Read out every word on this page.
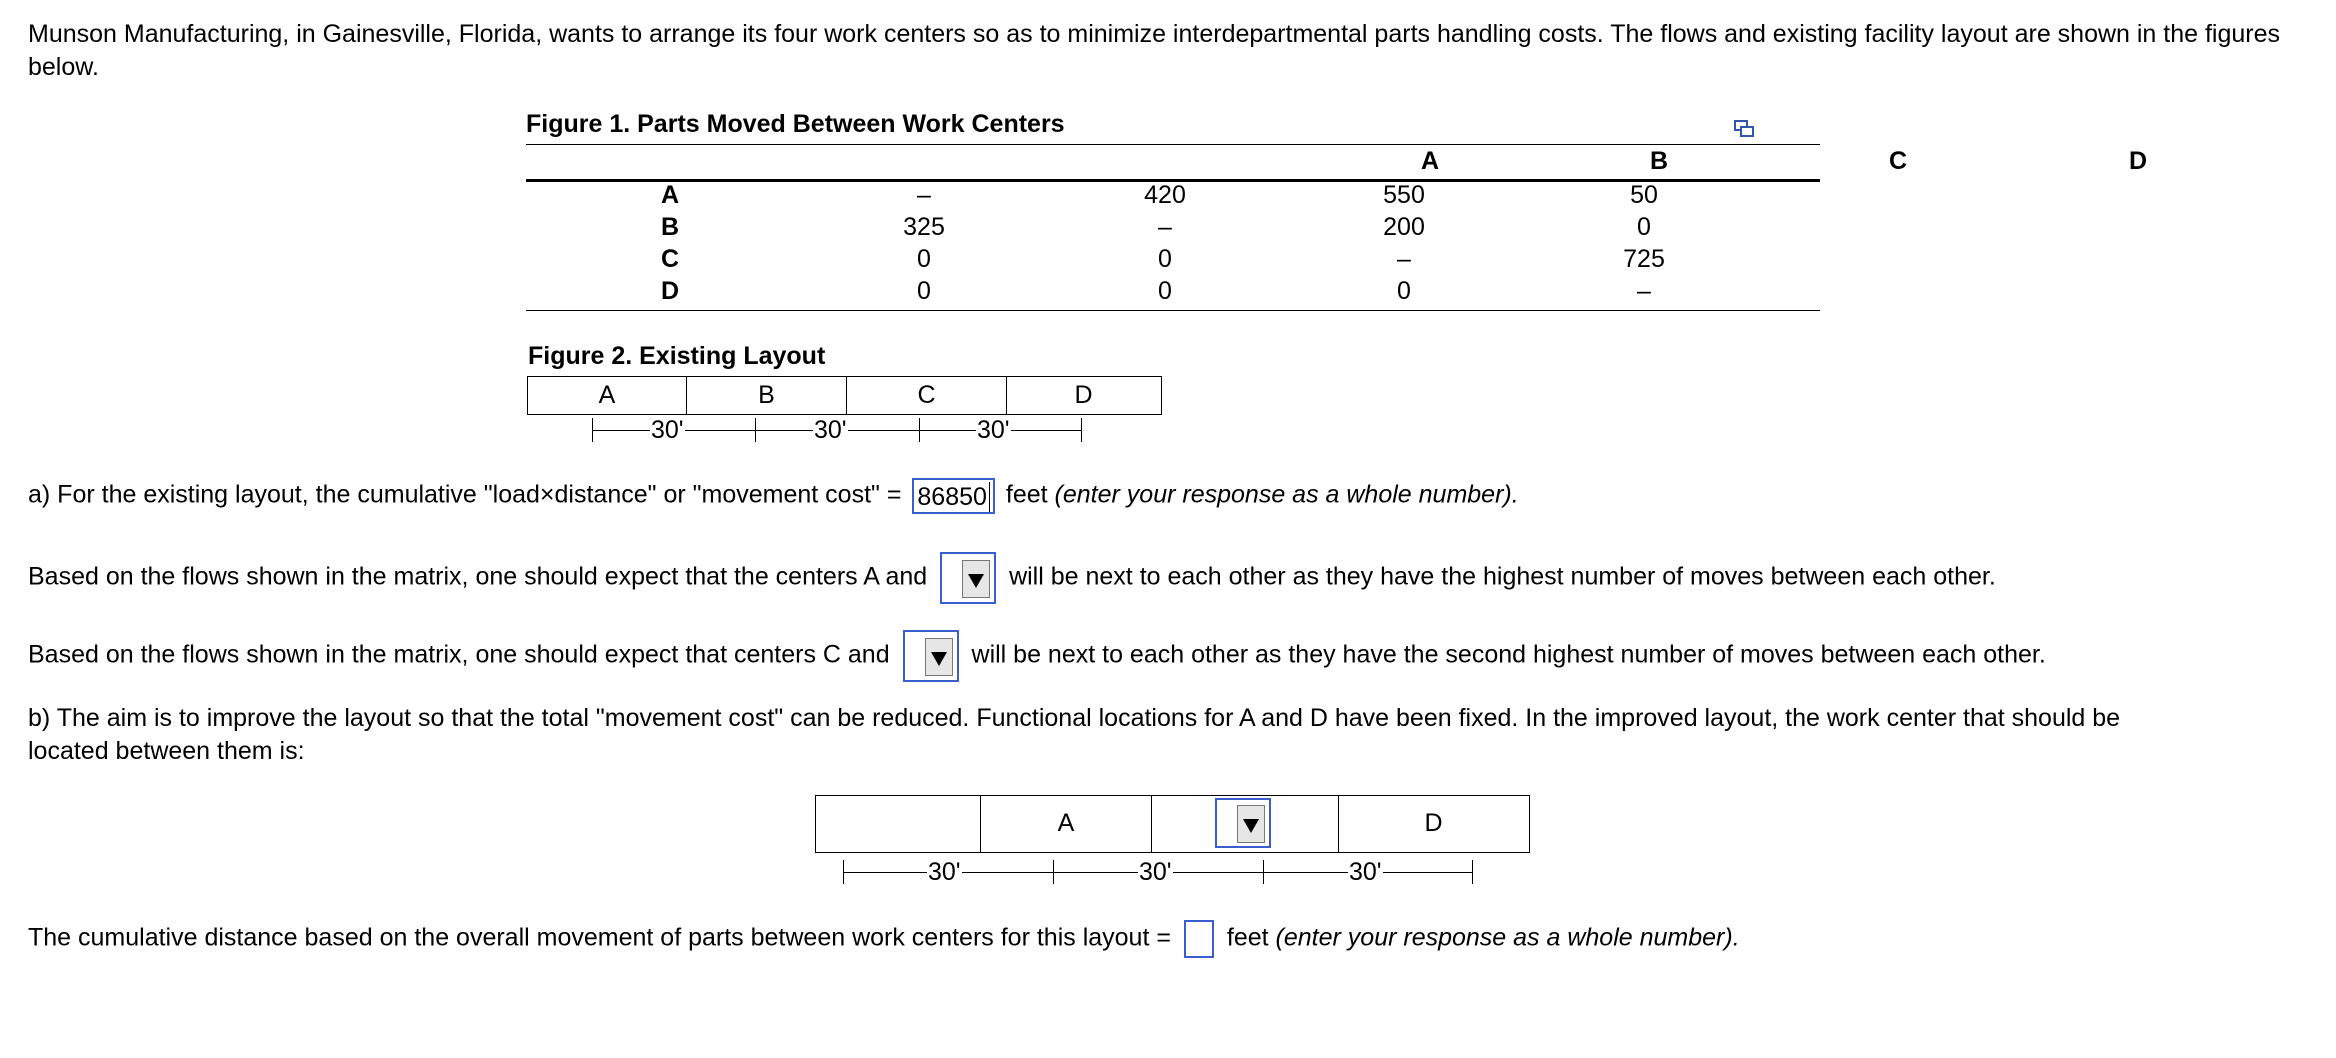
Munson Manufacturing, in Gainesville, Florida, wants to arrange its four work centers so as to minimize interdepartmental parts handling costs. The flows and existing facility layout are shown in the figures below.
Figure 1. Parts Moved Between Work Centers
A	B	C	D
A	–	420	550	50
B	325	–	200	0
C	0	0	–	725
D	0	0	0	–
Figure 2. Existing Layout
A	B	C	D
30'	30'	30'
a) For the existing layout, the cumulative "load×distance" or "movement cost" = 86850 feet (enter your response as a whole number).
Based on the flows shown in the matrix, one should expect that the centers A and	will be next to each other as they have the highest number of moves between each other.
Based on the flows shown in the matrix, one should expect that centers C and	will be next to each other as they have the second highest number of moves between each other.
b) The aim is to improve the layout so that the total "movement cost" can be reduced. Functional locations for A and D have been fixed. In the improved layout, the work center that should be
located between them is:
A	D
30'	30'	30'
The cumulative distance based on the overall movement of parts between work centers for this layout = feet (enter your response as a whole number).
